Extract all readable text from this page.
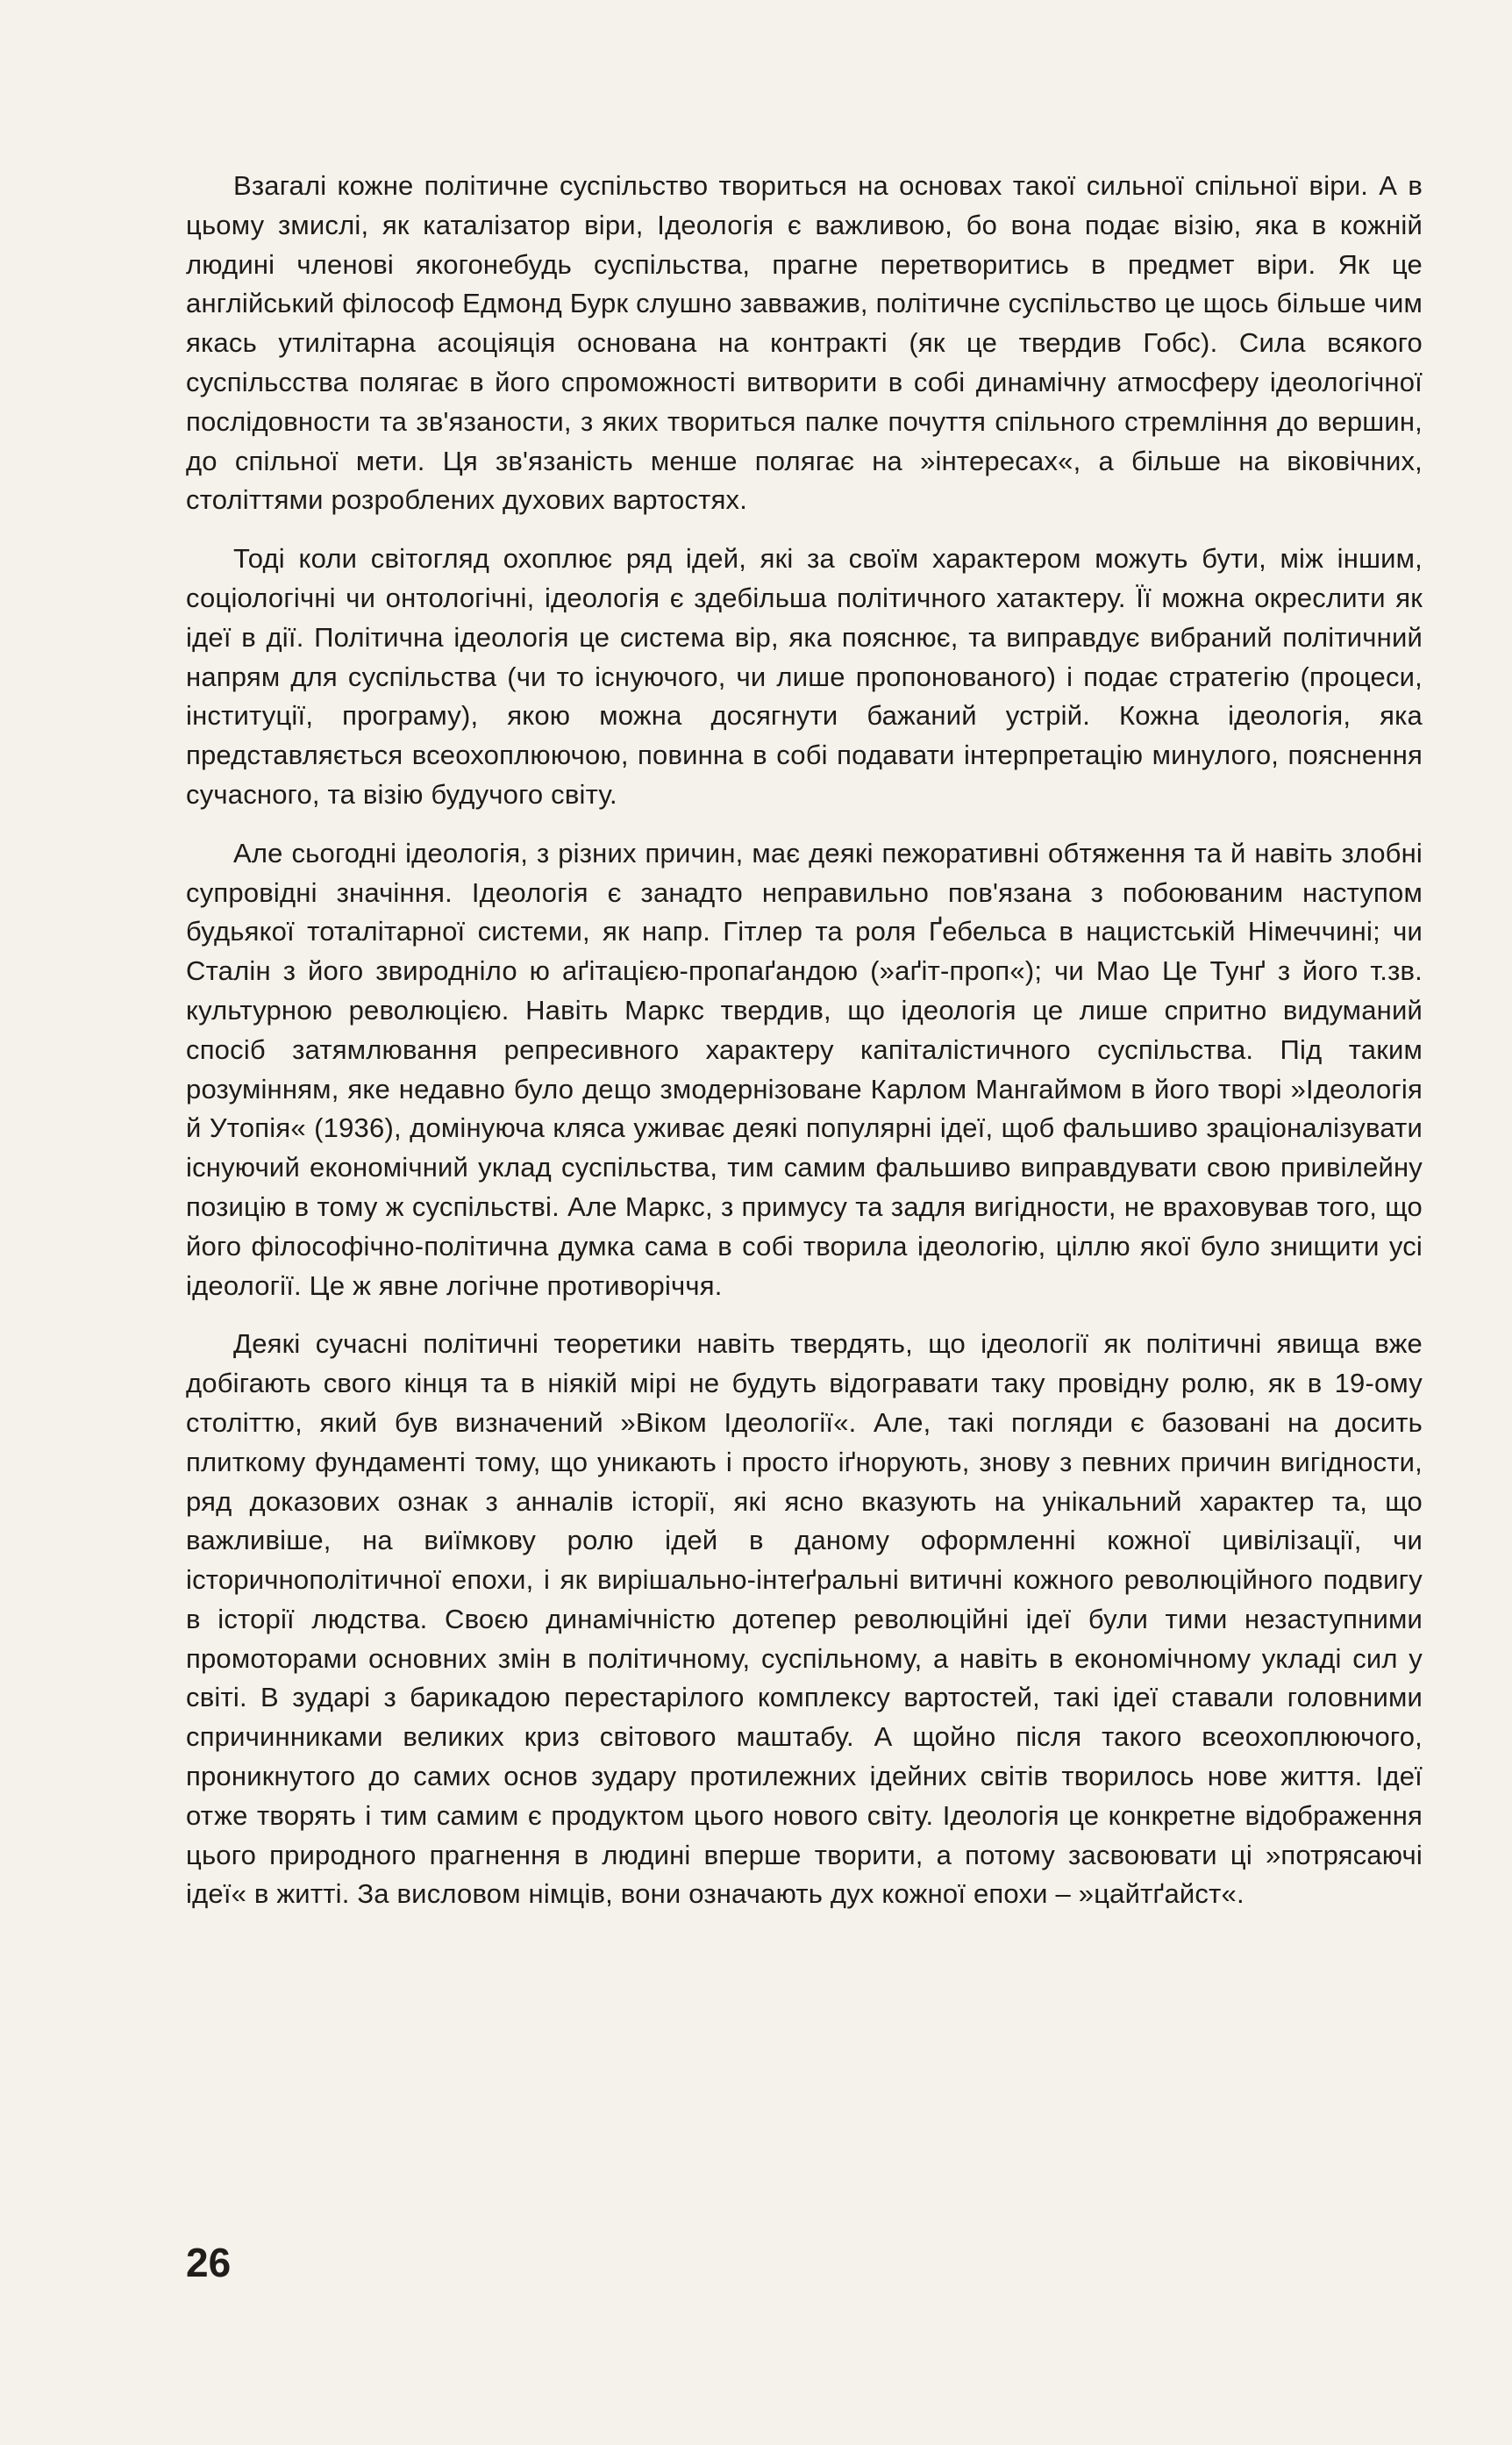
Взагалі кожне політичне суспільство твориться на основах такої сильної спільної віри. А в цьому змислі, як каталізатор віри, Ідеологія є важливою, бо вона подає візію, яка в кожній людині членові якогонебудь суспільства, прагне перетворитись в предмет віри. Як це англійський філософ Едмонд Бурк слушно завважив, політичне суспільство це щось більше чим якась утилітарна асоціяція основана на контракті (як це твердив Гобс). Сила всякого суспільсства полягає в його спроможності витворити в собі динамічну атмосферу ідеологічної послідовности та зв'язаности, з яких твориться палке почуття спільного стремління до вершин, до спільної мети. Ця зв'язаність менше полягає на »інтересах«, а більше на віковічних, століттями розроблених духових вартостях.

Тоді коли світогляд охоплює ряд ідей, які за своїм характером можуть бути, між іншим, соціологічні чи онтологічні, ідеологія є здебільша політичного хатактеру. Її можна окреслити як ідеї в дії. Політична ідеологія це система вір, яка пояснює, та виправдує вибраний політичний напрям для суспільства (чи то існуючого, чи лише пропонованого) і подає стратегію (процеси, інституції, програму), якою можна досягнути бажаний устрій. Кожна ідеологія, яка представляється всеохоплюючою, повинна в собі подавати інтерпретацію минулого, пояснення сучасного, та візію будучого світу.

Але сьогодні ідеологія, з різних причин, має деякі пежоративні обтяження та й навіть злобні супровідні значіння. Ідеологія є занадто неправильно пов'язана з побоюваним наступом будьякої тоталітарної системи, як напр. Гітлер та роля Ґебельса в нацистській Німеччині; чи Сталін з його звиродніло ю аґітацією-пропаґандою (»аґіт-проп«); чи Мао Це Тунґ з його т.зв. культурною революцією. Навіть Маркс твердив, що ідеологія це лише спритно видуманий спосіб затямлювання репресивного характеру капіталістичного суспільства. Під таким розумінням, яке недавно було дещо змодернізоване Карлом Мангаймом в його творі »Ідеологія й Утопія« (1936), домінуюча кляса уживає деякі популярні ідеї, щоб фальшиво зраціоналізувати існуючий економічний уклад суспільства, тим самим фальшиво виправдувати свою привілейну позицію в тому ж суспільстві. Але Маркс, з примусу та задля вигідности, не враховував того, що його філософічно-політична думка сама в собі творила ідеологію, ціллю якої було знищити усі ідеології. Це ж явне логічне противоріччя.

Деякі сучасні політичні теоретики навіть твердять, що ідеології як політичні явища вже добігають свого кінця та в ніякій мірі не будуть відогравати таку провідну ролю, як в 19-ому століттю, який був визначений »Віком Ідеології«. Але, такі погляди є базовані на досить плиткому фундаменті тому, що уникають і просто іґнорують, знову з певних причин вигідности, ряд доказових ознак з анналів історії, які ясно вказують на унікальний характер та, що важливіше, на виїмкову ролю ідей в даному оформленні кожної цивілізації, чи історичнополітичної епохи, і як вирішально-інтеґральні витичні кожного революційного подвигу в історії людства. Своєю динамічністю дотепер революційні ідеї були тими незаступними промоторами основних змін в політичному, суспільному, а навіть в економічному укладі сил у світі. В зударі з барикадою перестарілого комплексу вартостей, такі ідеї ставали головними спричинниками великих криз світового маштабу. А щойно після такого всеохоплюючого, проникнутого до самих основ зудару протилежних ідейних світів творилось нове життя. Ідеї отже творять і тим самим є продуктом цього нового світу. Ідеологія це конкретне відображення цього природного прагнення в людині вперше творити, а потому засвоювати ці »потрясаючі ідеї« в житті. За висловом німців, вони означають дух кожної епохи – »цайтґайст«.

26
